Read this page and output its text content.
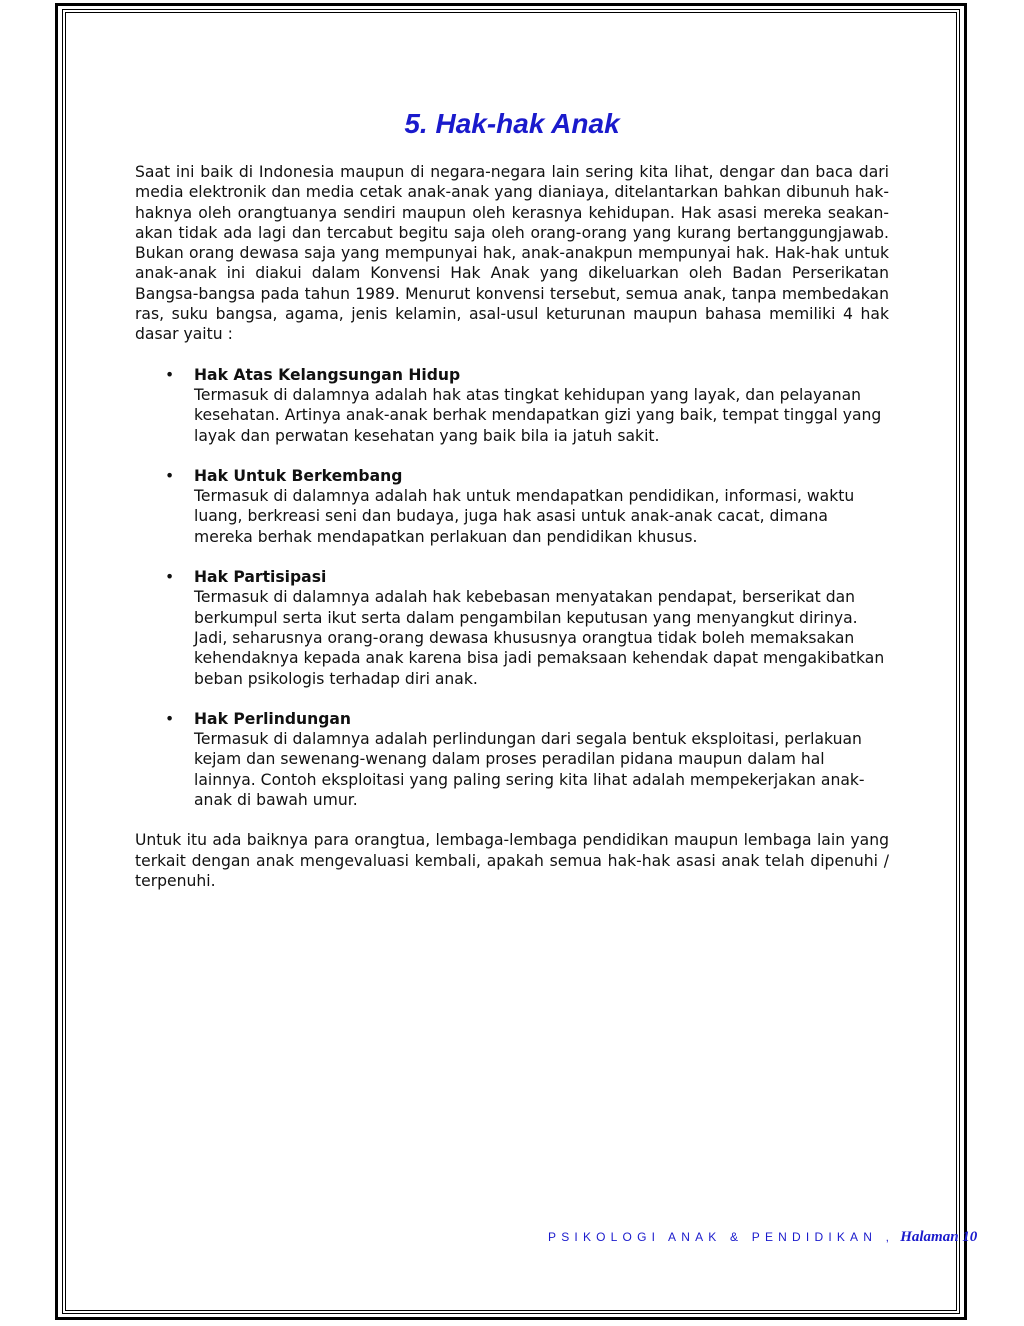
5. Hak-hak Anak

Saat ini baik di Indonesia maupun di negara-negara lain sering kita lihat, dengar dan baca dari media elektronik dan media cetak anak-anak yang dianiaya, ditelantarkan bahkan dibunuh hak-haknya oleh orangtuanya sendiri maupun oleh kerasnya kehidupan. Hak asasi mereka seakan-akan tidak ada lagi dan tercabut begitu saja oleh orang-orang yang kurang bertanggungjawab. Bukan orang dewasa saja yang mempunyai hak, anak-anakpun mempunyai hak. Hak-hak untuk anak-anak ini diakui dalam Konvensi Hak Anak yang dikeluarkan oleh Badan Perserikatan Bangsa-bangsa pada tahun 1989. Menurut konvensi tersebut, semua anak, tanpa membedakan ras, suku bangsa, agama, jenis kelamin, asal-usul keturunan maupun bahasa memiliki 4 hak dasar yaitu :

• Hak Atas Kelangsungan Hidup

Termasuk di dalamnya adalah hak atas tingkat kehidupan yang layak, dan pelayanan kesehatan. Artinya anak-anak berhak mendapatkan gizi yang baik, tempat tinggal yang layak dan perwatan kesehatan yang baik bila ia jatuh sakit.

• Hak Untuk Berkembang

Termasuk di dalamnya adalah hak untuk mendapatkan pendidikan, informasi, waktu luang, berkreasi seni dan budaya, juga hak asasi untuk anak-anak cacat, dimana mereka berhak mendapatkan perlakuan dan pendidikan khusus.

• Hak Partisipasi

Termasuk di dalamnya adalah hak kebebasan menyatakan pendapat, berserikat dan berkumpul serta ikut serta dalam pengambilan keputusan yang menyangkut dirinya. Jadi, seharusnya orang-orang dewasa khususnya orangtua tidak boleh memaksakan kehendaknya kepada anak karena bisa jadi pemaksaan kehendak dapat mengakibatkan beban psikologis terhadap diri anak.

• Hak Perlindungan

Termasuk di dalamnya adalah perlindungan dari segala bentuk eksploitasi, perlakuan kejam dan sewenang-wenang dalam proses peradilan pidana maupun dalam hal lainnya. Contoh eksploitasi yang paling sering kita lihat adalah mempekerjakan anak-anak di bawah umur.

Untuk itu ada baiknya para orangtua, lembaga-lembaga pendidikan maupun lembaga lain yang terkait dengan anak mengevaluasi kembali, apakah semua hak-hak asasi anak telah dipenuhi / terpenuhi.

PSIKOLOGI ANAK & PENDIDIKAN , Halaman 10
